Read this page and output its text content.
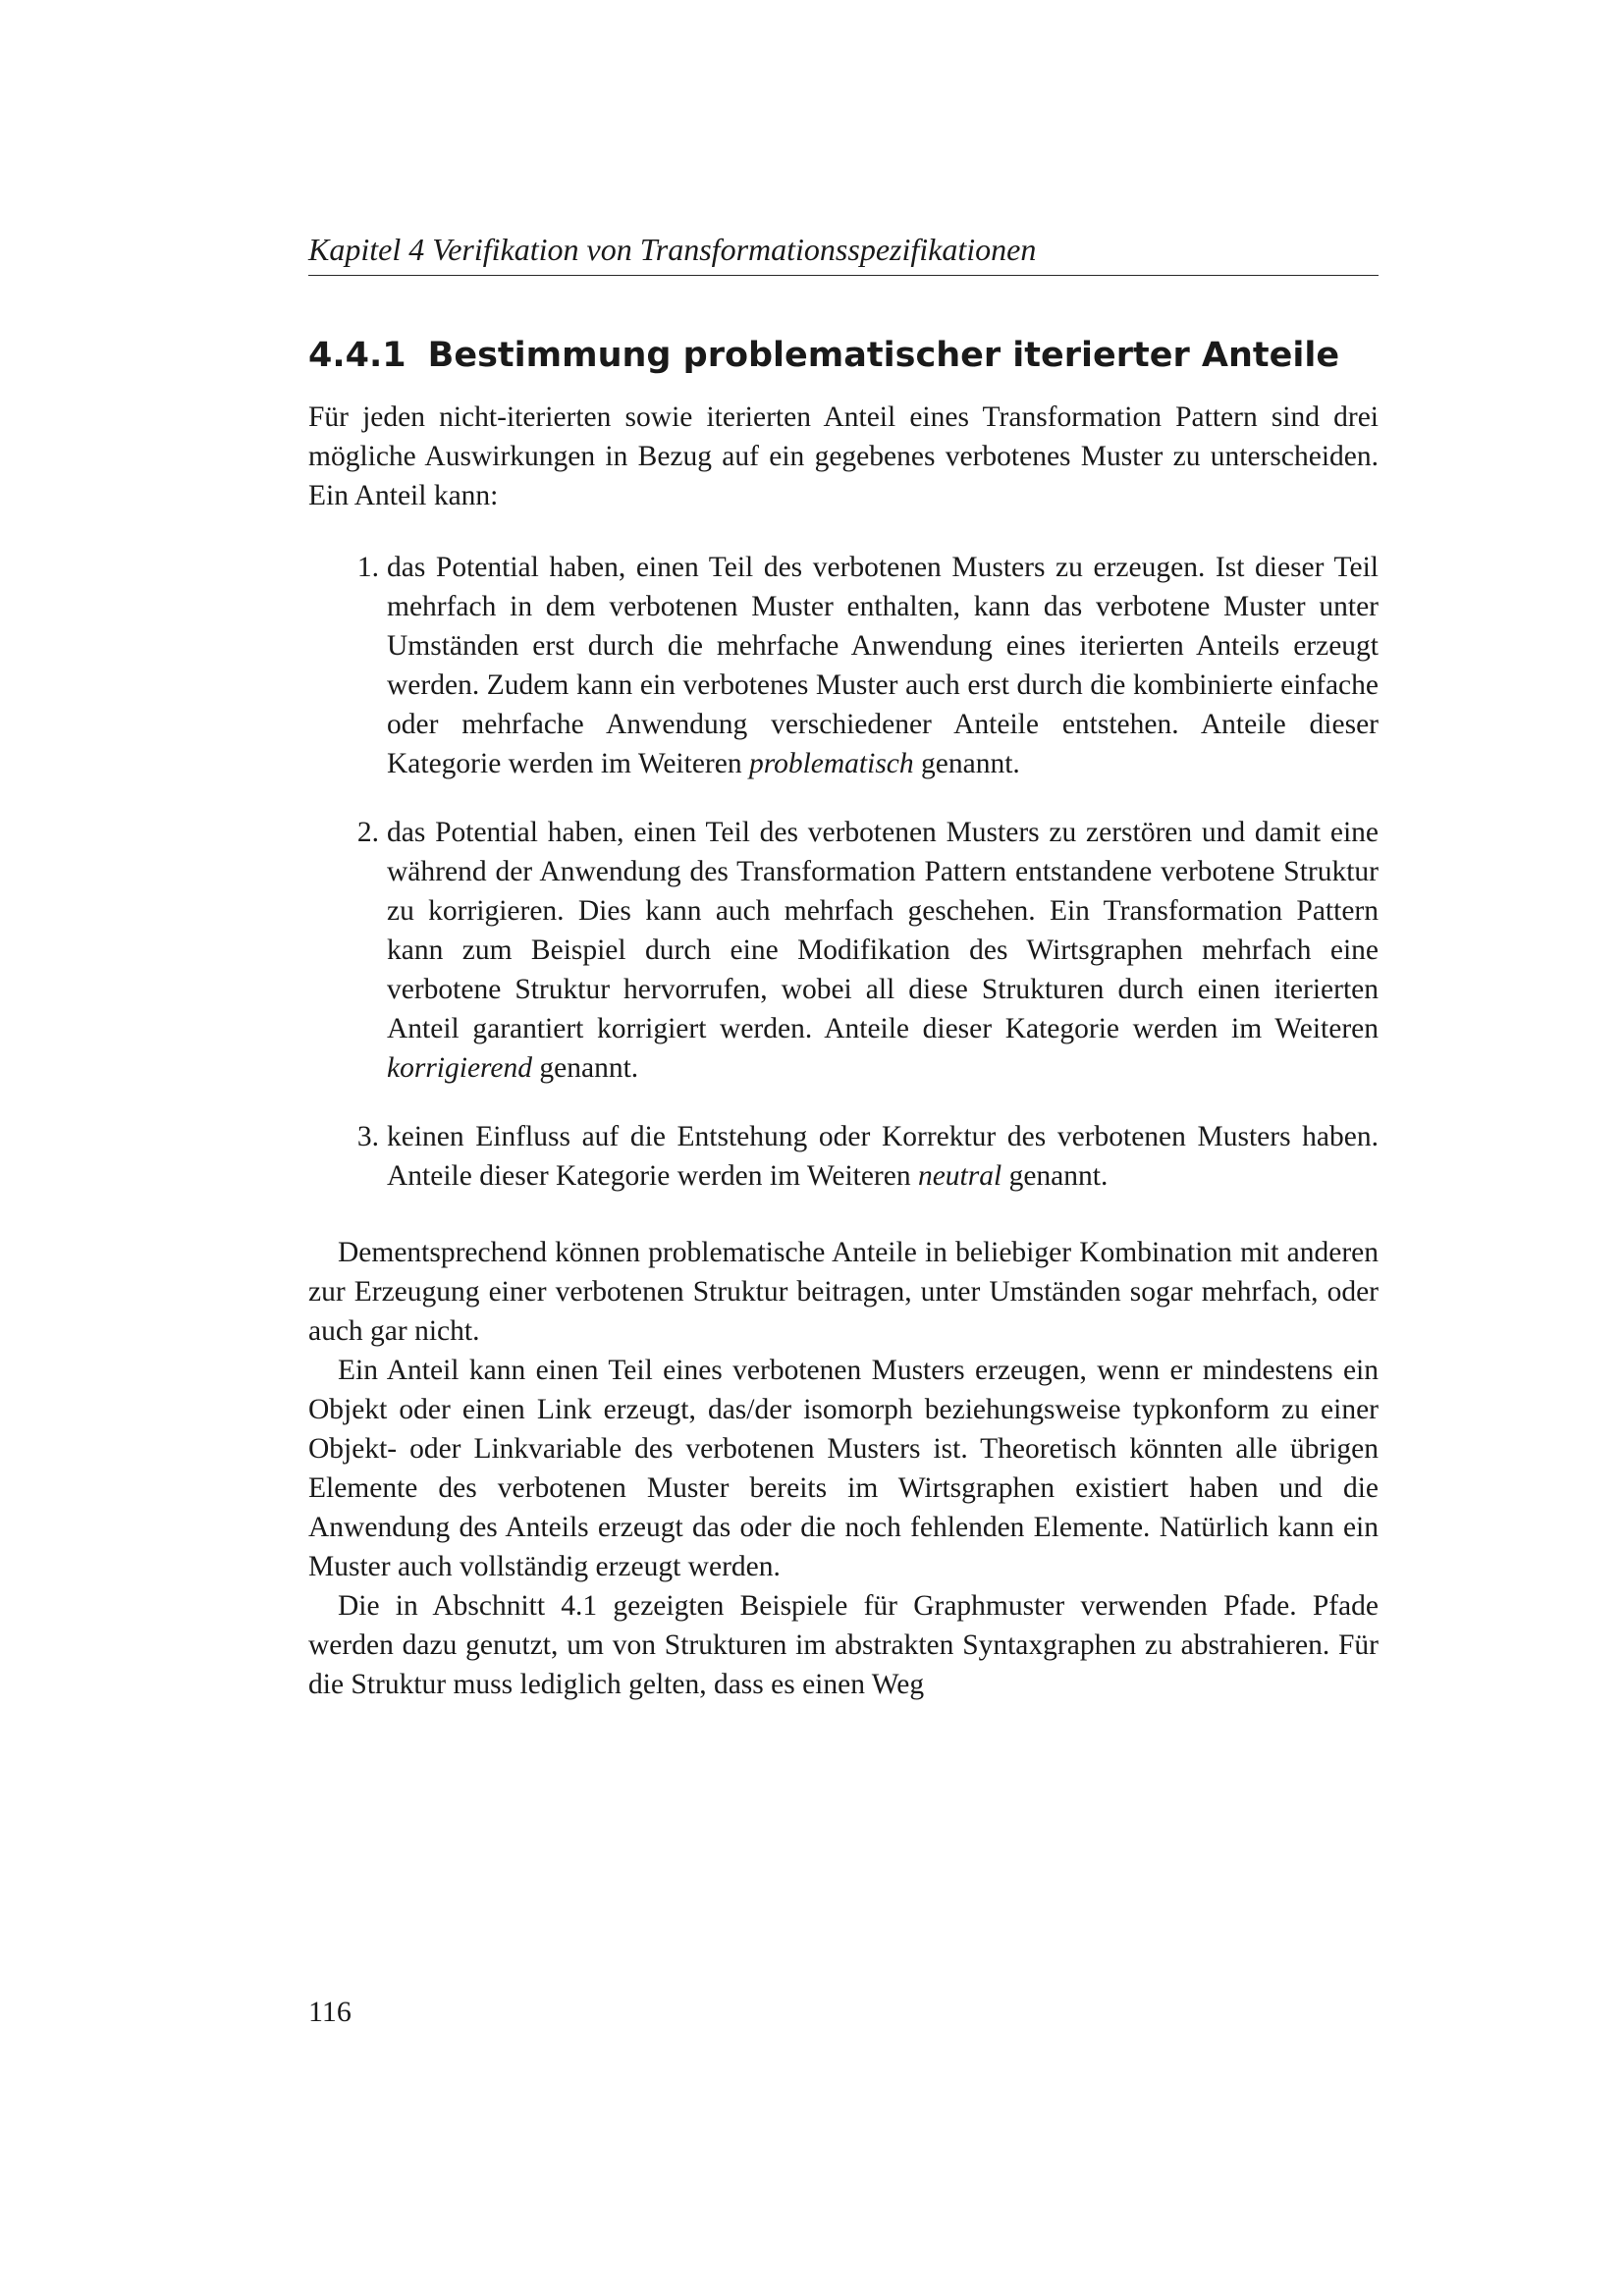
Kapitel 4 Verifikation von Transformationsspezifikationen
4.4.1 Bestimmung problematischer iterierter Anteile

Für jeden nicht-iterierten sowie iterierten Anteil eines Transformation Pattern sind drei mögliche Auswirkungen in Bezug auf ein gegebenes verbotenes Muster zu unterscheiden. Ein Anteil kann:

1. das Potential haben, einen Teil des verbotenen Musters zu erzeugen. Ist dieser Teil mehrfach in dem verbotenen Muster enthalten, kann das verbotene Muster unter Umständen erst durch die mehrfache Anwendung eines iterierten Anteils erzeugt werden. Zudem kann ein verbotenes Muster auch erst durch die kombinierte einfache oder mehrfache Anwendung verschiedener Anteile entstehen. Anteile dieser Kategorie werden im Weiteren problematisch genannt.
2. das Potential haben, einen Teil des verbotenen Musters zu zerstören und damit eine während der Anwendung des Transformation Pattern entstandene verbotene Struktur zu korrigieren. Dies kann auch mehrfach geschehen. Ein Transformation Pattern kann zum Beispiel durch eine Modifikation des Wirtsgraphen mehrfach eine verbotene Struktur hervorrufen, wobei all diese Strukturen durch einen iterierten Anteil garantiert korrigiert werden. Anteile dieser Kategorie werden im Weiteren korrigierend genannt.
3. keinen Einfluss auf die Entstehung oder Korrektur des verbotenen Musters haben. Anteile dieser Kategorie werden im Weiteren neutral genannt.

Dementsprechend können problematische Anteile in beliebiger Kombination mit anderen zur Erzeugung einer verbotenen Struktur beitragen, unter Umständen sogar mehrfach, oder auch gar nicht.

Ein Anteil kann einen Teil eines verbotenen Musters erzeugen, wenn er mindestens ein Objekt oder einen Link erzeugt, das/der isomorph beziehungsweise typkonform zu einer Objekt- oder Linkvariable des verbotenen Musters ist. Theoretisch könnten alle übrigen Elemente des verbotenen Muster bereits im Wirtsgraphen existiert haben und die Anwendung des Anteils erzeugt das oder die noch fehlenden Elemente. Natürlich kann ein Muster auch vollständig erzeugt werden.

Die in Abschnitt 4.1 gezeigten Beispiele für Graphmuster verwenden Pfade. Pfade werden dazu genutzt, um von Strukturen im abstrakten Syntaxgraphen zu abstrahieren. Für die Struktur muss lediglich gelten, dass es einen Weg

116
